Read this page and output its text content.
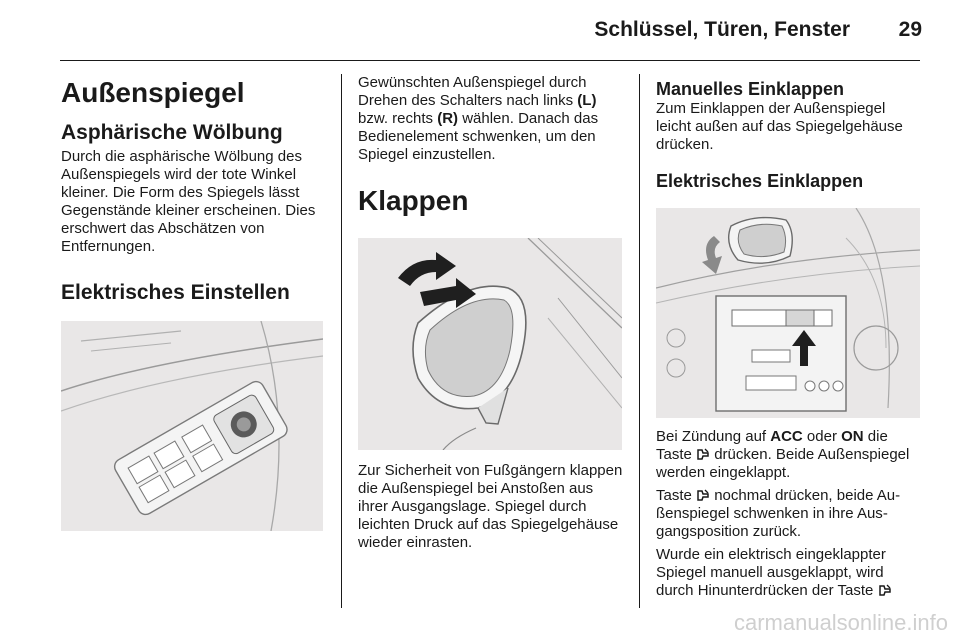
Schlüssel, Türen, Fenster	29
Außenspiegel
Asphärische Wölbung
Durch die asphärische Wölbung des Außenspiegels wird der tote Winkel kleiner. Die Form des Spiegels lässt Gegenstände kleiner erscheinen. Dies erschwert das Abschätzen von Entfernungen.
Elektrisches Einstellen
Gewünschten Außenspiegel durch Drehen des Schalters nach links (L) bzw. rechts (R) wählen. Danach das Bedienelement schwenken, um den Spiegel einzustellen.
Klappen
Zur Sicherheit von Fußgängern klappen die Außenspiegel bei Anstoßen aus ihrer Ausgangslage. Spiegel durch leichten Druck auf das Spiegelgehäuse wieder einrasten.
Manuelles Einklappen
Zum Einklappen der Außenspiegel leicht außen auf das Spiegelgehäuse drücken.
Elektrisches Einklappen
Bei Zündung auf ACC oder ON die Taste  drücken. Beide Außenspiegel werden eingeklappt.
Taste  nochmal drücken, beide Außenspiegel schwenken in ihre Ausgangsposition zurück.
Wurde ein elektrisch eingeklappter Spiegel manuell ausgeklappt, wird durch Hinunterdrücken der Taste
carmanualsonline.info
